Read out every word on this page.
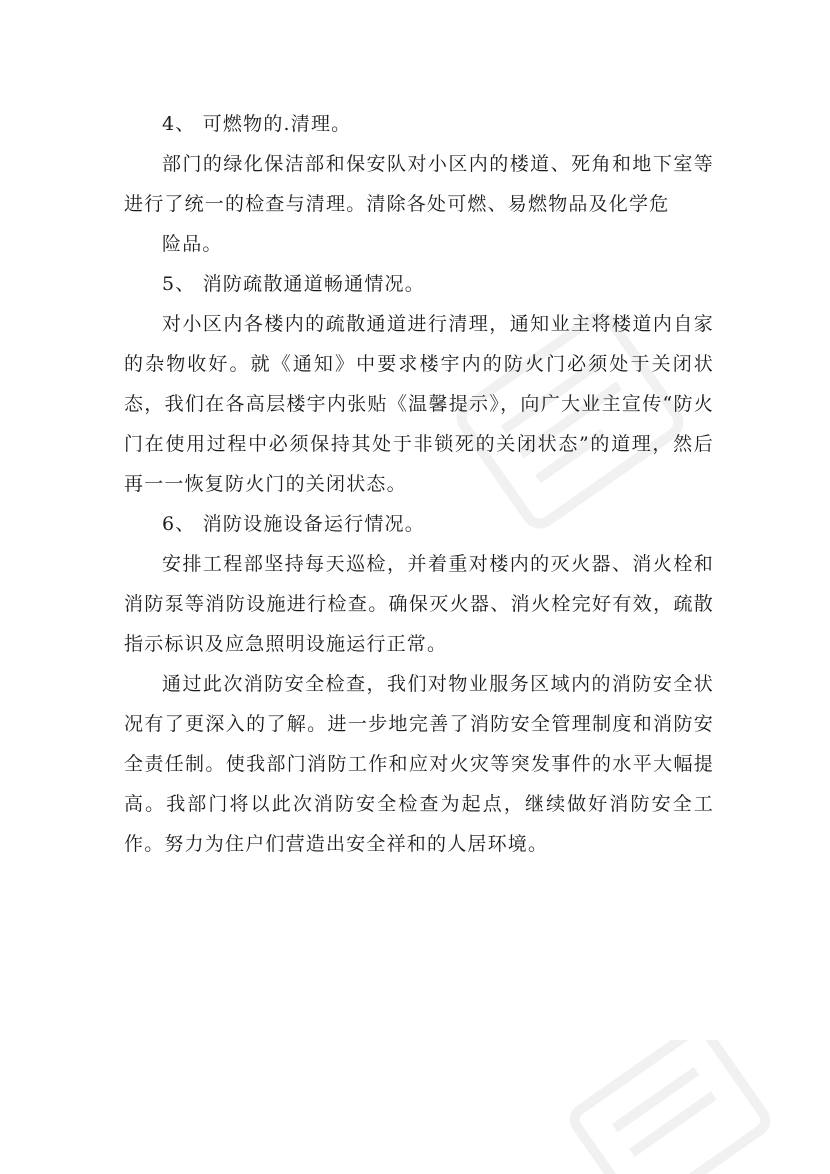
4、 可燃物的.清理。

部门的绿化保洁部和保安队对小区内的楼道、死角和地下室等进行了统一的检查与清理。清除各处可燃、易燃物品及化学危

险品。

5、 消防疏散通道畅通情况。

对小区内各楼内的疏散通道进行清理，通知业主将楼道内自家的杂物收好。就《通知》中要求楼宇内的防火门必须处于关闭状态，我们在各高层楼宇内张贴《温馨提示》，向广大业主宣传“防火门在使用过程中必须保持其处于非锁死的关闭状态”的道理，然后再一一恢复防火门的关闭状态。

6、 消防设施设备运行情况。

安排工程部坚持每天巡检，并着重对楼内的灭火器、消火栓和消防泵等消防设施进行检查。确保灭火器、消火栓完好有效，疏散指示标识及应急照明设施运行正常。

通过此次消防安全检查，我们对物业服务区域内的消防安全状况有了更深入的了解。进一步地完善了消防安全管理制度和消防安全责任制。使我部门消防工作和应对火灾等突发事件的水平大幅提高。我部门将以此次消防安全检查为起点，继续做好消防安全工作。努力为住户们营造出安全祥和的人居环境。
